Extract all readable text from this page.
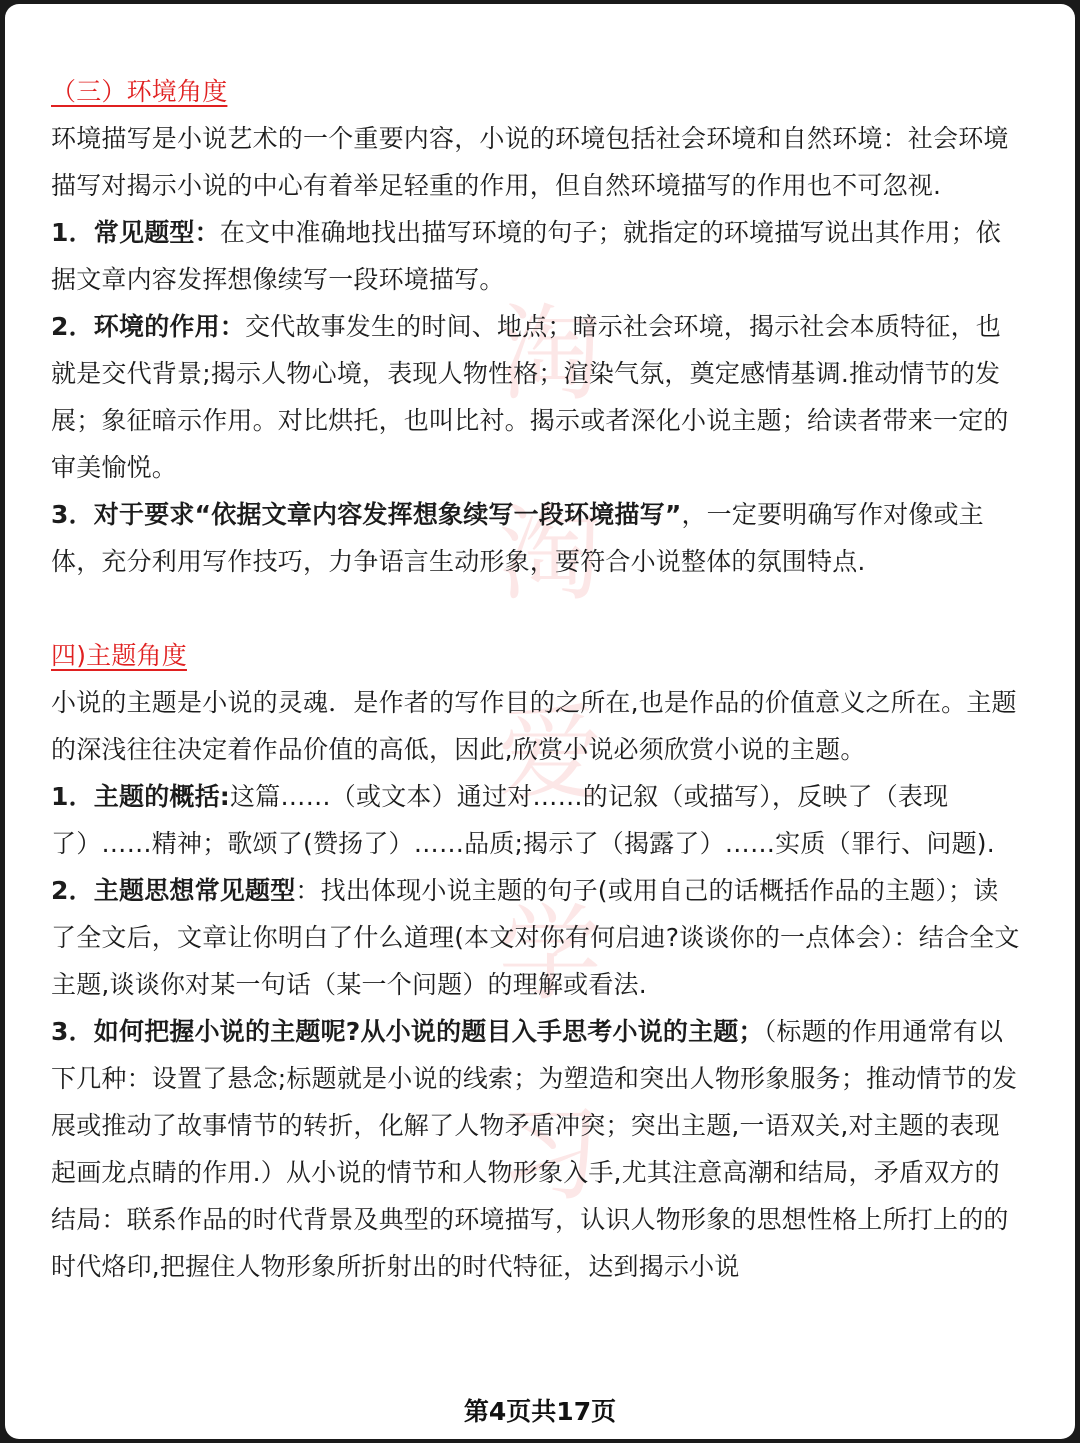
淘
淘
爱
学
习

（三）环境角度

环境描写是小说艺术的一个重要内容，小说的环境包括社会环境和自然环境：社会环境描写对揭示小说的中心有着举足轻重的作用，但自然环境描写的作用也不可忽视.

1．常见题型：在文中准确地找出描写环境的句子；就指定的环境描写说出其作用；依据文章内容发挥想像续写一段环境描写。

2．环境的作用：交代故事发生的时间、地点；暗示社会环境，揭示社会本质特征，也就是交代背景;揭示人物心境，表现人物性格；渲染气氛，奠定感情基调.推动情节的发展；象征暗示作用。对比烘托，也叫比衬。揭示或者深化小说主题；给读者带来一定的审美愉悦。

3．对于要求“依据文章内容发挥想象续写一段环境描写”，一定要明确写作对像或主体，充分利用写作技巧，力争语言生动形象，要符合小说整体的氛围特点.

四)主题角度

小说的主题是小说的灵魂．是作者的写作目的之所在,也是作品的价值意义之所在。主题的深浅往往决定着作品价值的高低，因此,欣赏小说必须欣赏小说的主题。

1．主题的概括:这篇……（或文本）通过对……的记叙（或描写），反映了（表现了）……精神；歌颂了(赞扬了）……品质;揭示了（揭露了）……实质（罪行、问题).

2．主题思想常见题型：找出体现小说主题的句子(或用自己的话概括作品的主题）；读了全文后，文章让你明白了什么道理(本文对你有何启迪?谈谈你的一点体会）：结合全文主题,谈谈你对某一句话（某一个问题）的理解或看法.

3．如何把握小说的主题呢?从小说的题目入手思考小说的主题；（标题的作用通常有以下几种：设置了悬念;标题就是小说的线索；为塑造和突出人物形象服务；推动情节的发展或推动了故事情节的转折，化解了人物矛盾冲突；突出主题,一语双关,对主题的表现起画龙点睛的作用.）从小说的情节和人物形象入手,尤其注意高潮和结局，矛盾双方的结局：联系作品的时代背景及典型的环境描写，认识人物形象的思想性格上所打上的的时代烙印,把握住人物形象所折射出的时代特征，达到揭示小说

第4页共17页
